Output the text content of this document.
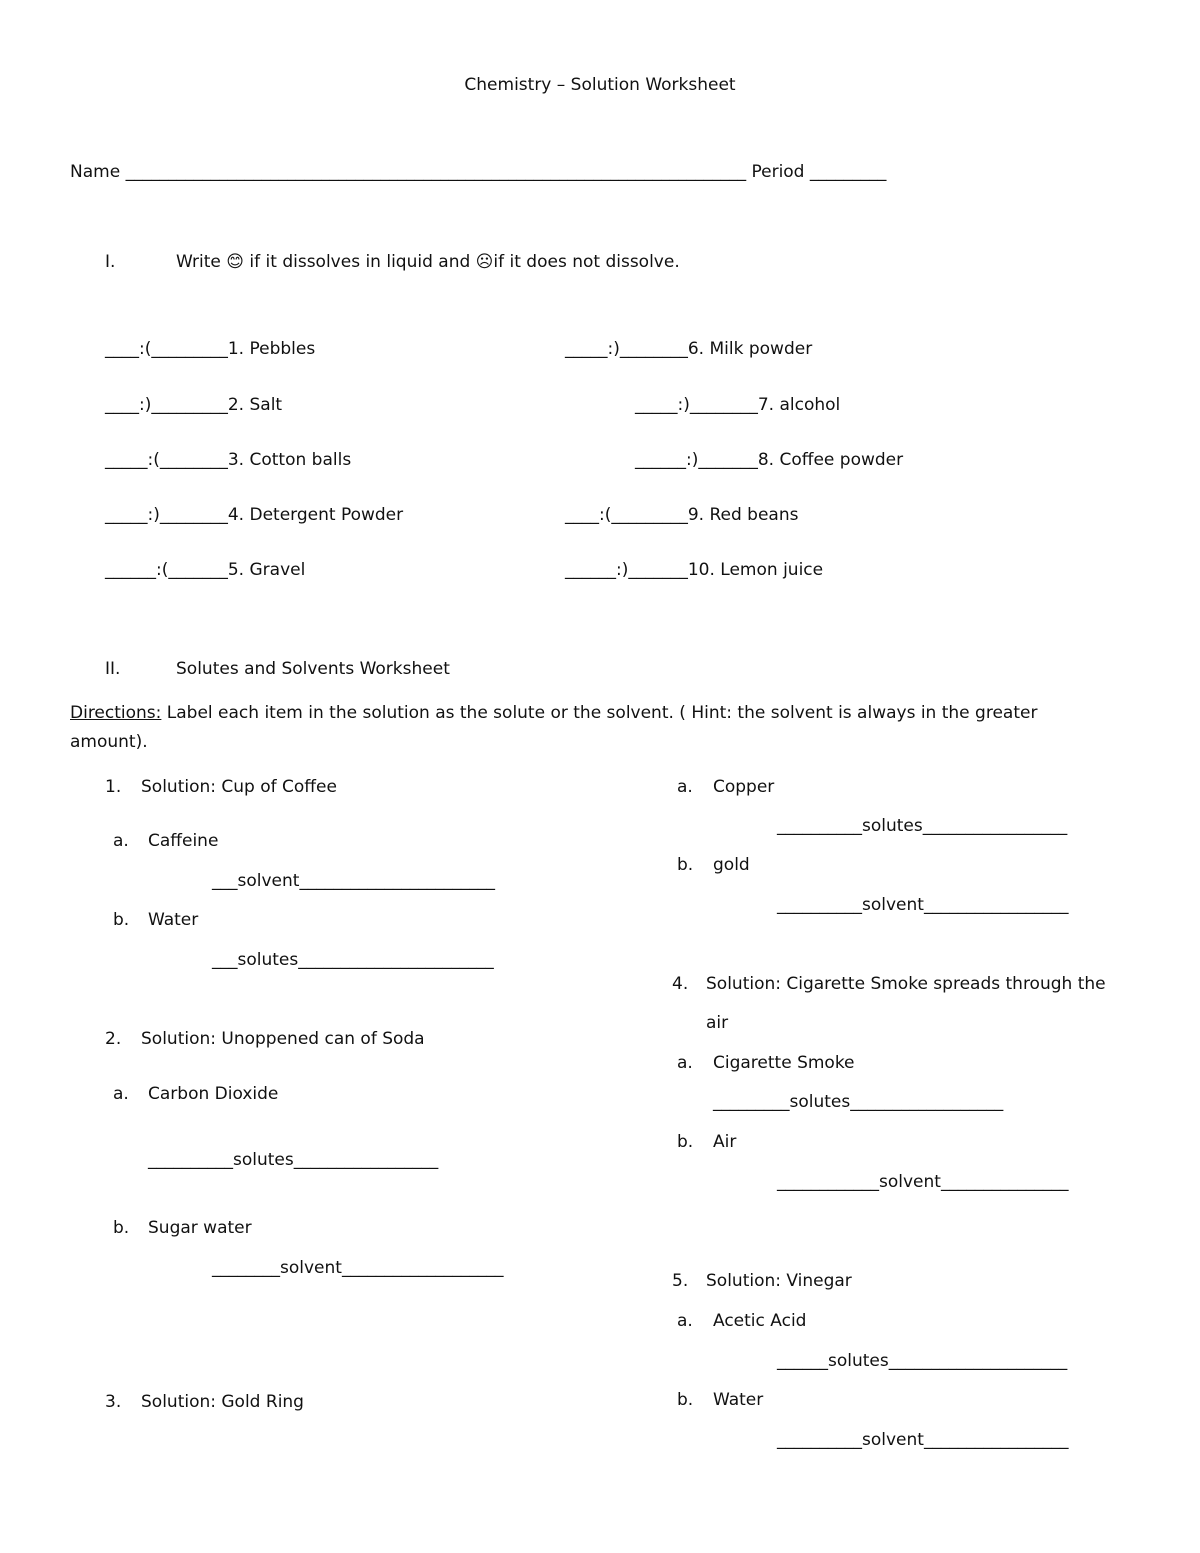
Chemistry – Solution Worksheet
Name _________________________________________________________________________ Period _________
I.	Write 😊 if it dissolves in liquid and ☹if it does not dissolve.
____:(_________1. Pebbles
____:)_________2. Salt
_____:(________3. Cotton balls
_____:)________4. Detergent Powder
______:(_______5. Gravel
_____:)________6. Milk powder
_____:)________7. alcohol
______:)_______8. Coffee powder
____:(_________9. Red beans
______:)_______10. Lemon juice
II.	Solutes and Solvents Worksheet
Directions: Label each item in the solution as the solute or the solvent. ( Hint: the solvent is always in the greater
amount).
1. Solution: Cup of Coffee
a. Caffeine
___solvent_______________________
b. Water
___solutes_______________________
2. Solution: Unoppened can of Soda
a. Carbon Dioxide
__________solutes_________________
b. Sugar water
________solvent___________________
3. Solution: Gold Ring
a. Copper
__________solutes_________________
b. gold
__________solvent_________________
4. Solution: Cigarette Smoke spreads through the
air
a. Cigarette Smoke
_________solutes__________________
b. Air
____________solvent_______________
5. Solution: Vinegar
a. Acetic Acid
______solutes_____________________
b. Water
__________solvent_________________
